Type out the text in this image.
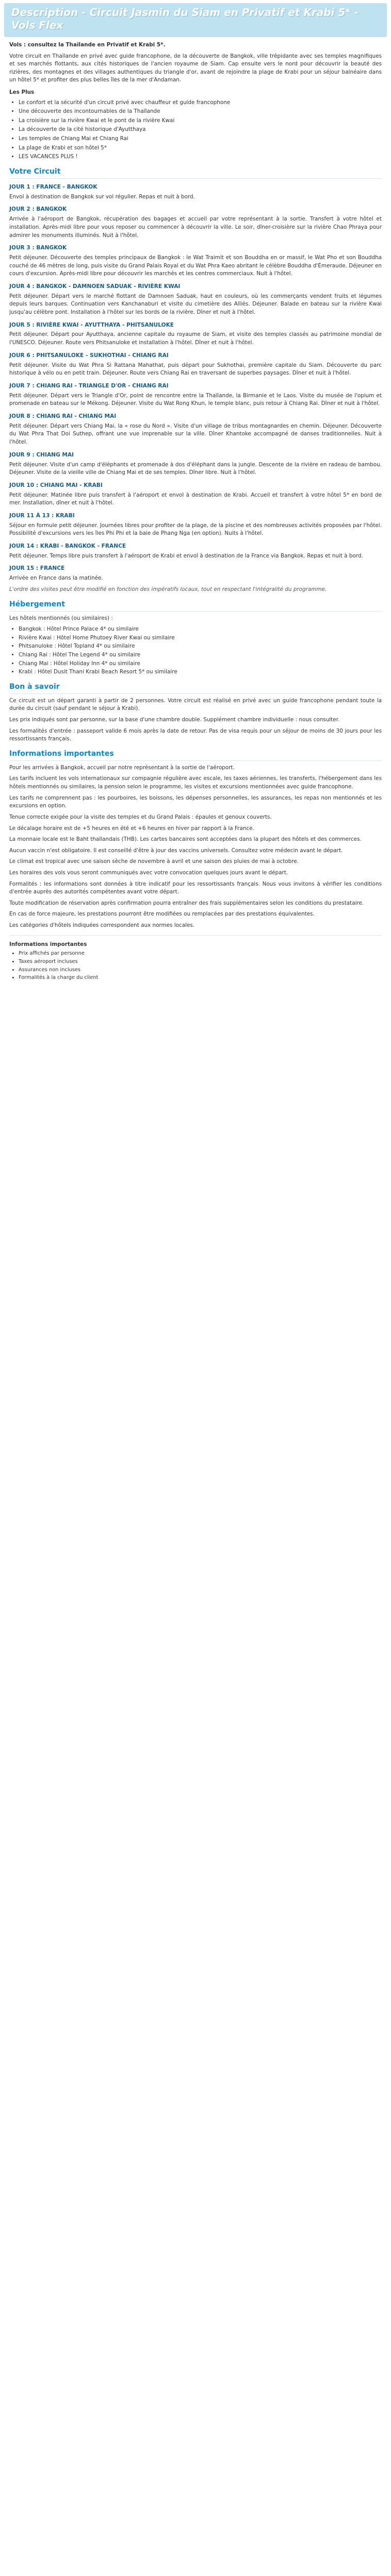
Description - Circuit Jasmin du Siam en Privatif et Krabi 5* - Vols Flex

Vols : consultez la Thaïlande en Privatif et Krabi 5*.

Votre circuit en Thaïlande en privé avec guide francophone, de la découverte de Bangkok, ville trépidante avec ses temples magnifiques et ses marchés flottants, aux cités historiques de l'ancien royaume de Siam. Cap ensuite vers le nord pour découvrir la beauté des rizières, des montagnes et des villages authentiques du triangle d'or, avant de rejoindre la plage de Krabi pour un séjour balnéaire dans un hôtel 5* et profiter des plus belles îles de la mer d'Andaman.

Les Plus
• Le confort et la sécurité d'un circuit privé avec chauffeur et guide francophone
• Une découverte des incontournables de la Thaïlande
• La croisière sur la rivière Kwai et le pont de la rivière Kwai
• La découverte de la cité historique d'Ayutthaya
• Les temples de Chiang Mai et Chiang Rai
• La plage de Krabi et son hôtel 5*
• LES VACANCES PLUS !
Votre Circuit
JOUR 1 : FRANCE - BANGKOK

Envol à destination de Bangkok sur vol régulier. Repas et nuit à bord.

JOUR 2 : BANGKOK

Arrivée à l'aéroport de Bangkok, récupération des bagages et accueil par votre représentant à la sortie. Transfert à votre hôtel et installation. Après-midi libre pour vous reposer ou commencer à découvrir la ville. Le soir, dîner-croisière sur la rivière Chao Phraya pour admirer les monuments illuminés. Nuit à l'hôtel.

JOUR 3 : BANGKOK

Petit déjeuner. Découverte des temples principaux de Bangkok : le Wat Traimit et son Bouddha en or massif, le Wat Pho et son Bouddha couché de 46 mètres de long, puis visite du Grand Palais Royal et du Wat Phra Kaeo abritant le célèbre Bouddha d'Émeraude. Déjeuner en cours d'excursion. Après-midi libre pour découvrir les marchés et les centres commerciaux. Nuit à l'hôtel.

JOUR 4 : BANGKOK - DAMNOEN SADUAK - RIVIÈRE KWAI

Petit déjeuner. Départ vers le marché flottant de Damnoen Saduak, haut en couleurs, où les commerçants vendent fruits et légumes depuis leurs barques. Continuation vers Kanchanaburi et visite du cimetière des Alliés. Déjeuner. Balade en bateau sur la rivière Kwai jusqu'au célèbre pont. Installation à l'hôtel sur les bords de la rivière. Dîner et nuit à l'hôtel.

JOUR 5 : RIVIÈRE KWAI - AYUTTHAYA - PHITSANULOKE

Petit déjeuner. Départ pour Ayutthaya, ancienne capitale du royaume de Siam, et visite des temples classés au patrimoine mondial de l'UNESCO. Déjeuner. Route vers Phitsanuloke et installation à l'hôtel. Dîner et nuit à l'hôtel.

JOUR 6 : PHITSANULOKE - SUKHOTHAI - CHIANG RAI

Petit déjeuner. Visite du Wat Phra Si Rattana Mahathat, puis départ pour Sukhothai, première capitale du Siam. Découverte du parc historique à vélo ou en petit train. Déjeuner. Route vers Chiang Rai en traversant de superbes paysages. Dîner et nuit à l'hôtel.

JOUR 7 : CHIANG RAI - TRIANGLE D'OR - CHIANG RAI

Petit déjeuner. Départ vers le Triangle d'Or, point de rencontre entre la Thaïlande, la Birmanie et le Laos. Visite du musée de l'opium et promenade en bateau sur le Mékong. Déjeuner. Visite du Wat Rong Khun, le temple blanc, puis retour à Chiang Rai. Dîner et nuit à l'hôtel.

JOUR 8 : CHIANG RAI - CHIANG MAI

Petit déjeuner. Départ vers Chiang Mai, la « rose du Nord ». Visite d'un village de tribus montagnardes en chemin. Déjeuner. Découverte du Wat Phra That Doi Suthep, offrant une vue imprenable sur la ville. Dîner Khantoke accompagné de danses traditionnelles. Nuit à l'hôtel.

JOUR 9 : CHIANG MAI

Petit déjeuner. Visite d'un camp d'éléphants et promenade à dos d'éléphant dans la jungle. Descente de la rivière en radeau de bambou. Déjeuner. Visite de la vieille ville de Chiang Mai et de ses temples. Dîner libre. Nuit à l'hôtel.

JOUR 10 : CHIANG MAI - KRABI

Petit déjeuner. Matinée libre puis transfert à l'aéroport et envol à destination de Krabi. Accueil et transfert à votre hôtel 5* en bord de mer. Installation, dîner et nuit à l'hôtel.

JOUR 11 À 13 : KRABI

Séjour en formule petit déjeuner. Journées libres pour profiter de la plage, de la piscine et des nombreuses activités proposées par l'hôtel. Possibilité d'excursions vers les îles Phi Phi et la baie de Phang Nga (en option). Nuits à l'hôtel.

JOUR 14 : KRABI - BANGKOK - FRANCE

Petit déjeuner. Temps libre puis transfert à l'aéroport de Krabi et envol à destination de la France via Bangkok. Repas et nuit à bord.

JOUR 15 : FRANCE

Arrivée en France dans la matinée.

L'ordre des visites peut être modifié en fonction des impératifs locaux, tout en respectant l'intégralité du programme.

Hébergement

Les hôtels mentionnés (ou similaires) :

• Bangkok : Hôtel Prince Palace 4* ou similaire
• Rivière Kwai : Hôtel Home Phutoey River Kwai ou similaire
• Phitsanuloke : Hôtel Topland 4* ou similaire
• Chiang Rai : Hôtel The Legend 4* ou similaire
• Chiang Mai : Hôtel Holiday Inn 4* ou similaire
• Krabi : Hôtel Dusit Thani Krabi Beach Resort 5* ou similaire
Bon à savoir

Ce circuit est un départ garanti à partir de 2 personnes. Votre circuit est réalisé en privé avec un guide francophone pendant toute la durée du circuit (sauf pendant le séjour à Krabi).

Les prix indiqués sont par personne, sur la base d'une chambre double. Supplément chambre individuelle : nous consulter.

Les formalités d'entrée : passeport valide 6 mois après la date de retour. Pas de visa requis pour un séjour de moins de 30 jours pour les ressortissants français.

Informations importantes

Pour les arrivées à Bangkok, accueil par notre représentant à la sortie de l'aéroport.

Les tarifs incluent les vols internationaux sur compagnie régulière avec escale, les taxes aériennes, les transferts, l'hébergement dans les hôtels mentionnés ou similaires, la pension selon le programme, les visites et excursions mentionnées avec guide francophone.

Les tarifs ne comprennent pas : les pourboires, les boissons, les dépenses personnelles, les assurances, les repas non mentionnés et les excursions en option.

Tenue correcte exigée pour la visite des temples et du Grand Palais : épaules et genoux couverts.

Le décalage horaire est de +5 heures en été et +6 heures en hiver par rapport à la France.

La monnaie locale est le Baht thaïlandais (THB). Les cartes bancaires sont acceptées dans la plupart des hôtels et des commerces.

Aucun vaccin n'est obligatoire. Il est conseillé d'être à jour des vaccins universels. Consultez votre médecin avant le départ.

Le climat est tropical avec une saison sèche de novembre à avril et une saison des pluies de mai à octobre.

Les horaires des vols vous seront communiqués avec votre convocation quelques jours avant le départ.

Formalités : les informations sont données à titre indicatif pour les ressortissants français. Nous vous invitons à vérifier les conditions d'entrée auprès des autorités compétentes avant votre départ.

Toute modification de réservation après confirmation pourra entraîner des frais supplémentaires selon les conditions du prestataire.

En cas de force majeure, les prestations pourront être modifiées ou remplacées par des prestations équivalentes.

Les catégories d'hôtels indiquées correspondent aux normes locales.

Informations importantes
• Prix affichés par personne
• Taxes aéroport incluses
• Assurances non incluses
• Formalités à la charge du client
